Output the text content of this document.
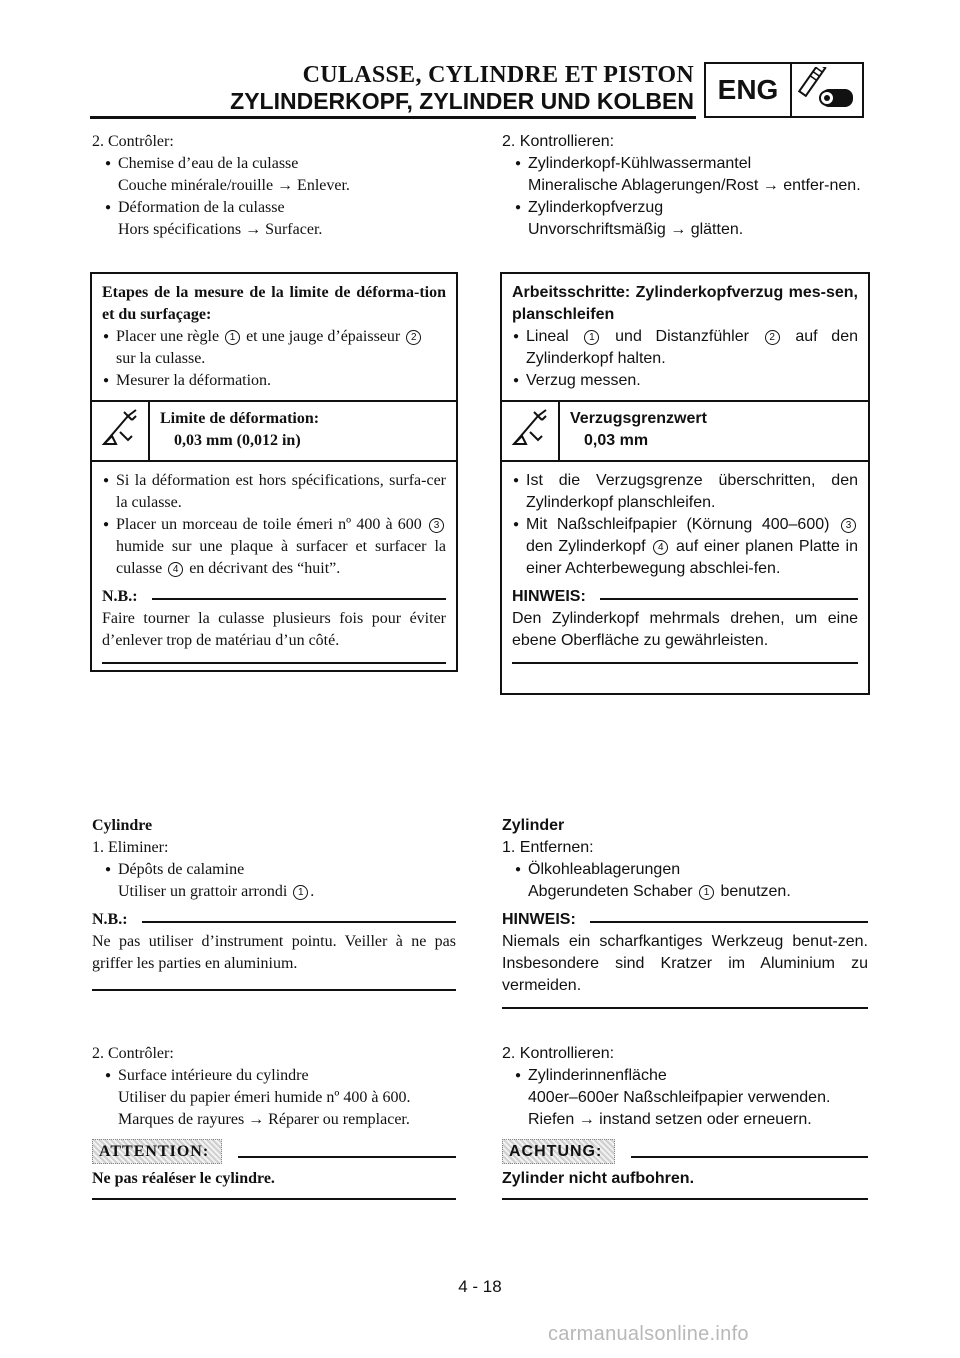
CULASSE, CYLINDRE ET PISTON
ZYLINDERKOPF, ZYLINDER UND KOLBEN ENG
2. Contrôler:
● Chemise d’eau de la culasse
Couche minérale/rouille → Enlever.
● Déformation de la culasse
Hors spécifications → Surfacer.
Etapes de la mesure de la limite de déforma-tion et du surfaçage:
● Placer une règle 1 et une jauge d’épaisseur 2 sur la culasse.
● Mesurer la déformation.
Limite de déformation:
0,03 mm (0,012 in)
● Si la déformation est hors spécifications, surfa-cer la culasse.
● Placer un morceau de toile émeri nº 400 à 600 3 humide sur une plaque à surfacer et surfacer la culasse 4 en décrivant des “huit”.
N.B.:
Faire tourner la culasse plusieurs fois pour éviter d’enlever trop de matériau d’un côté.
Cylindre
1. Eliminer:
● Dépôts de calamine
Utiliser un grattoir arrondi 1 .
N.B.:
Ne pas utiliser d’instrument pointu. Veiller à ne pas griffer les parties en aluminium.
2. Contrôler:
● Surface intérieure du cylindre
Utiliser du papier émeri humide nº 400 à 600.
Marques de rayures → Réparer ou remplacer.
ATTENTION:
Ne pas réaléser le cylindre.
2. Kontrollieren:
● Zylinderkopf-Kühlwassermantel
Mineralische Ablagerungen/Rost → entfer-nen.
● Zylinderkopfverzug
Unvorschriftsmäßig → glätten.
Arbeitsschritte: Zylinderkopfverzug mes-sen, planschleifen
● Lineal 1 und Distanzfühler 2 auf den Zylinderkopf halten.
● Verzug messen.
Verzugsgrenzwert
0,03 mm
● Ist die Verzugsgrenze überschritten, den Zylinderkopf planschleifen.
● Mit Naßschleifpapier (Körnung 400–600) 3 den Zylinderkopf 4 auf einer planen Platte in einer Achterbewegung abschlei-fen.
HINWEIS:
Den Zylinderkopf mehrmals drehen, um eine ebene Oberfläche zu gewährleisten.
Zylinder
1. Entfernen:
● Ölkohleablagerungen
Abgerundeten Schaber 1 benutzen.
HINWEIS:
Niemals ein scharfkantiges Werkzeug benut-zen. Insbesondere sind Kratzer im Aluminium zu vermeiden.
2. Kontrollieren:
● Zylinderinnenfläche
400er–600er Naßschleifpapier verwenden.
Riefen → instand setzen oder erneuern.
ACHTUNG:
Zylinder nicht aufbohren.
4 - 18
carmanualsonline.info
